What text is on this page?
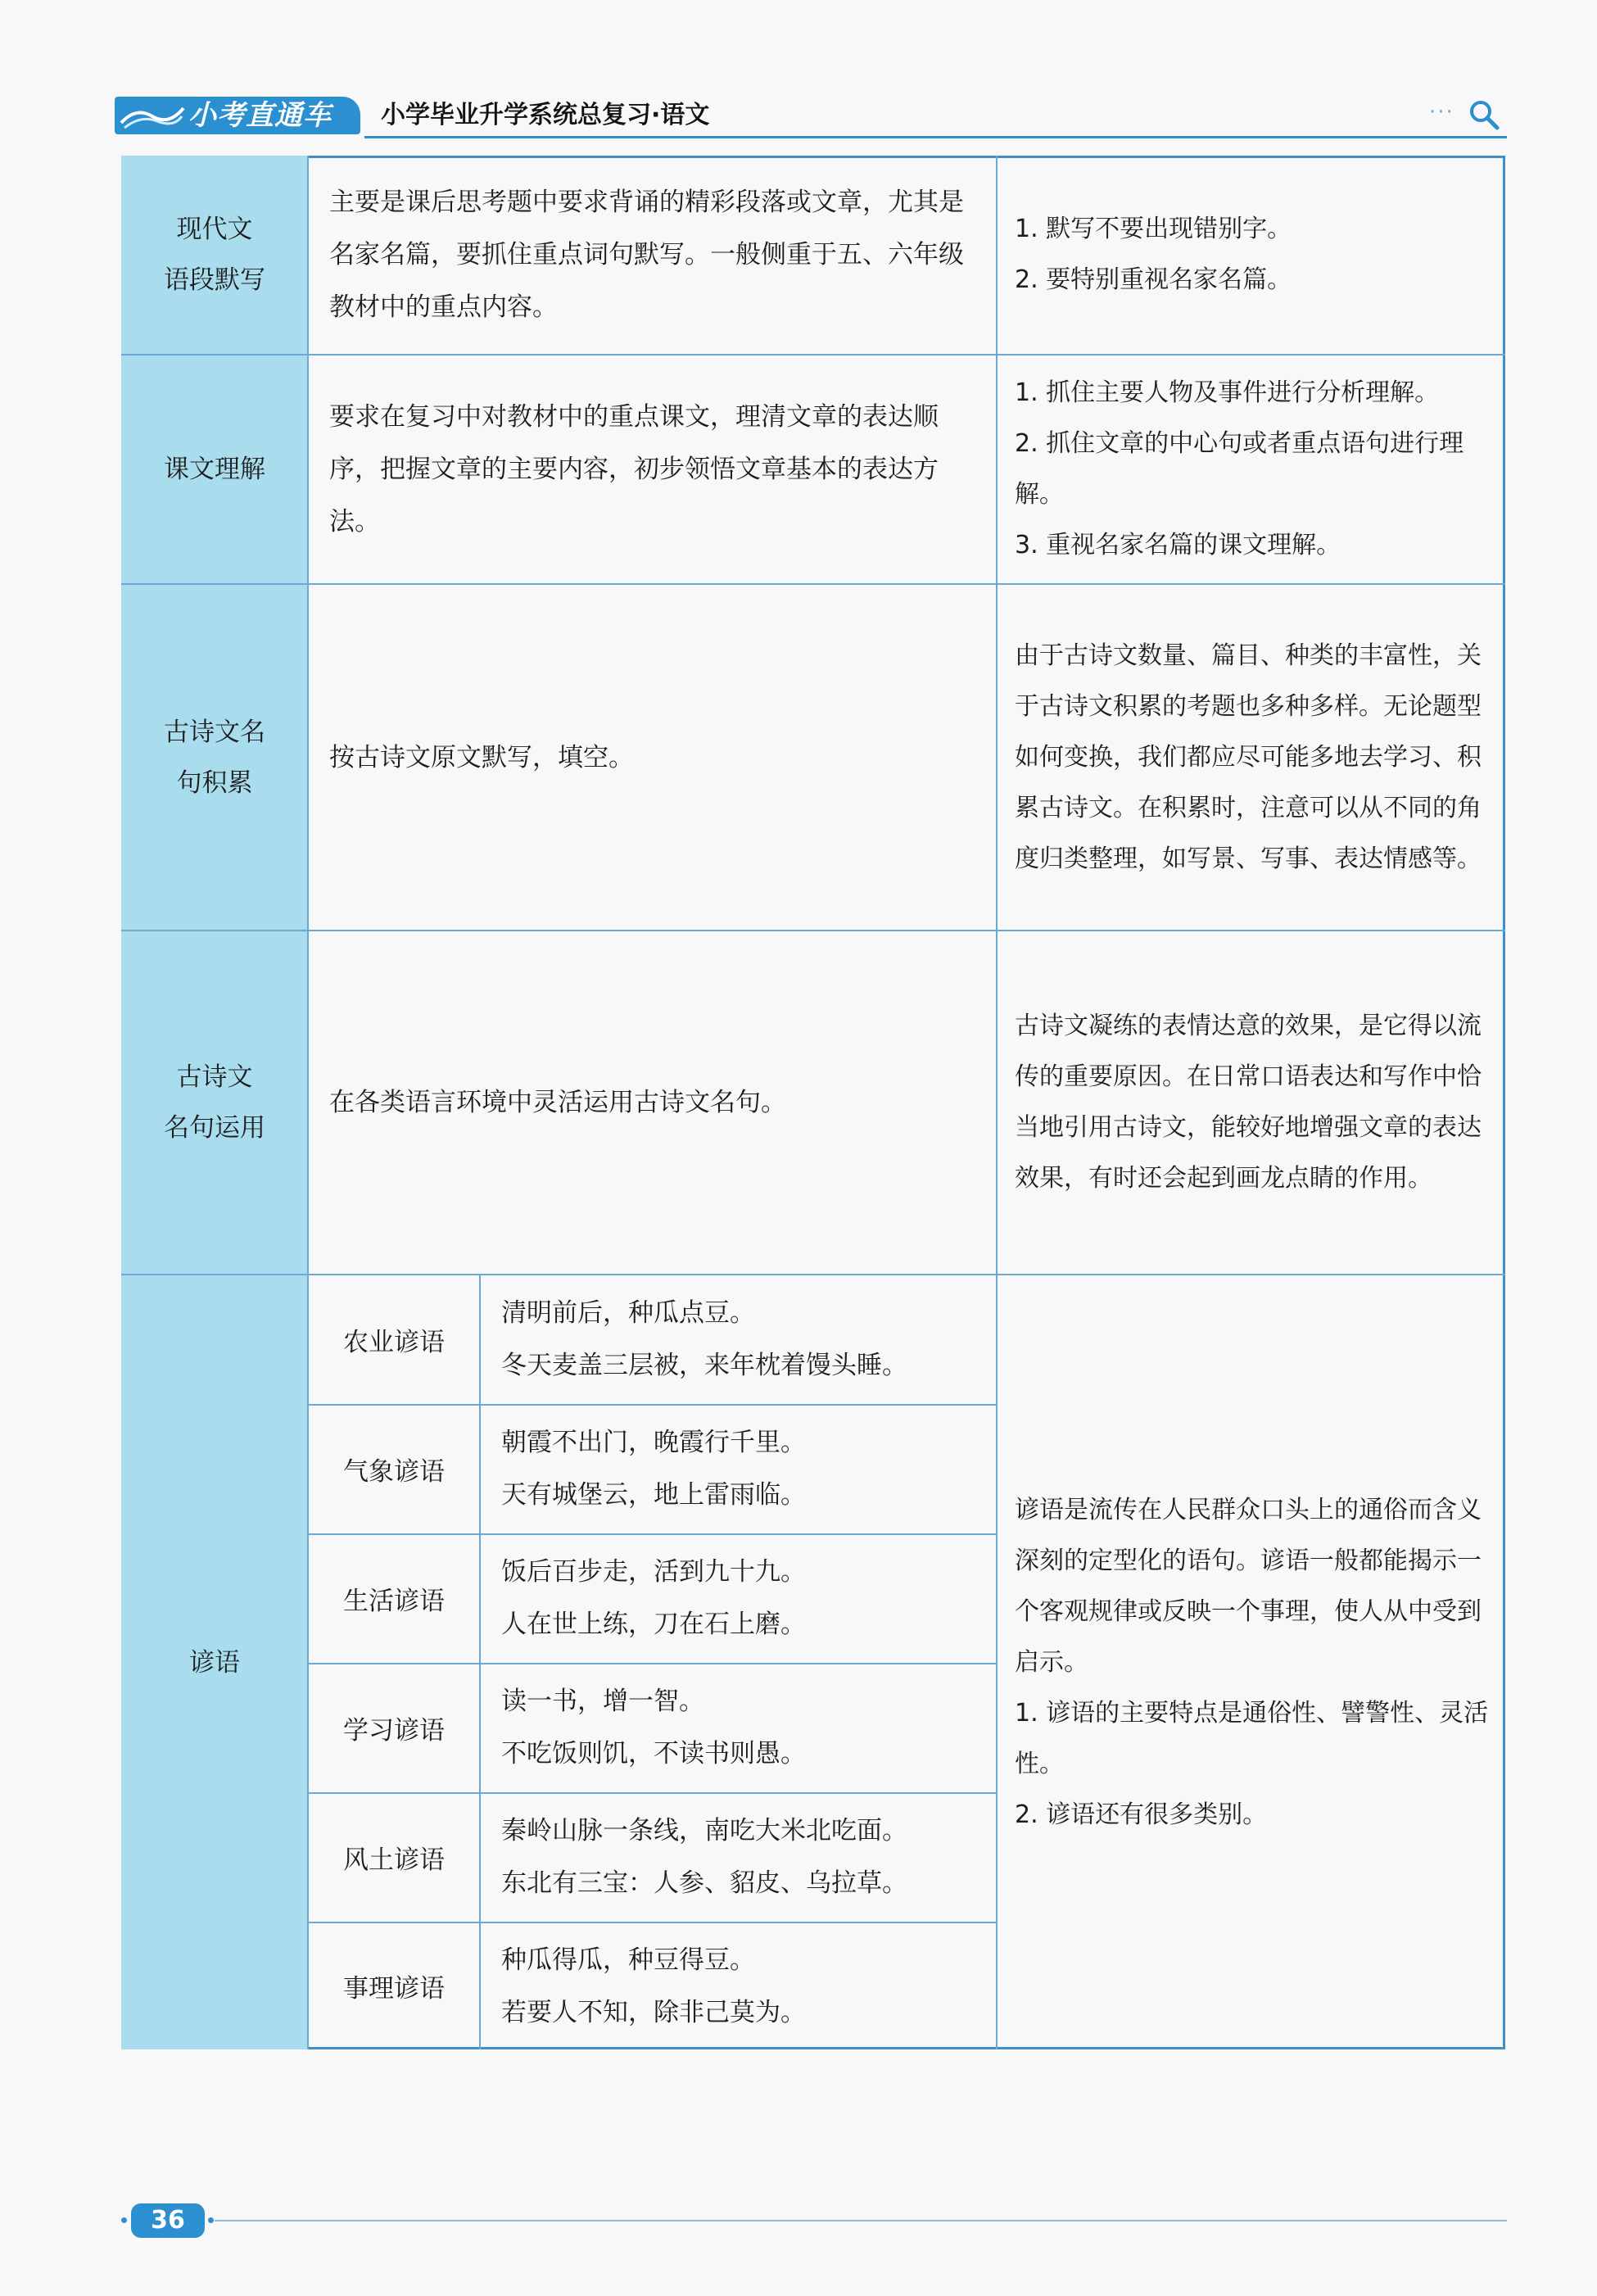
小考直通车 小学毕业升学系统总复习·语文	···
现代文
语段默写
主要是课后思考题中要求背诵的精彩段落或文章，尤其是名家名篇，要抓住重点词句默写。一般侧重于五、六年级教材中的重点内容。

1. 默写不要出现错别字。

2. 要特别重视名家名篇。

课文理解
要求在复习中对教材中的重点课文，理清文章的表达顺序，把握文章的主要内容，初步领悟文章基本的表达方法。

1. 抓住主要人物及事件进行分析理解。

2. 抓住文章的中心句或者重点语句进行理解。

3. 重视名家名篇的课文理解。

古诗文名
句积累
按古诗文原文默写，填空。

由于古诗文数量、篇目、种类的丰富性，关于古诗文积累的考题也多种多样。无论题型如何变换，我们都应尽可能多地去学习、积累古诗文。在积累时，注意可以从不同的角度归类整理，如写景、写事、表达情感等。

古诗文
名句运用
在各类语言环境中灵活运用古诗文名句。

古诗文凝练的表情达意的效果，是它得以流传的重要原因。在日常口语表达和写作中恰当地引用古诗文，能较好地增强文章的表达效果，有时还会起到画龙点睛的作用。

谚语
农业谚语
清明前后，种瓜点豆。
冬天麦盖三层被，来年枕着馒头睡。
气象谚语
朝霞不出门，晚霞行千里。
天有城堡云，地上雷雨临。
生活谚语
饭后百步走，活到九十九。
人在世上练，刀在石上磨。
学习谚语
读一书，增一智。
不吃饭则饥，不读书则愚。
风土谚语
秦岭山脉一条线，南吃大米北吃面。
东北有三宝：人参、貂皮、乌拉草。
事理谚语
种瓜得瓜，种豆得豆。
若要人不知，除非己莫为。

谚语是流传在人民群众口头上的通俗而含义深刻的定型化的语句。谚语一般都能揭示一个客观规律或反映一个事理，使人从中受到启示。

1. 谚语的主要特点是通俗性、譬警性、灵活性。

2. 谚语还有很多类别。

36
